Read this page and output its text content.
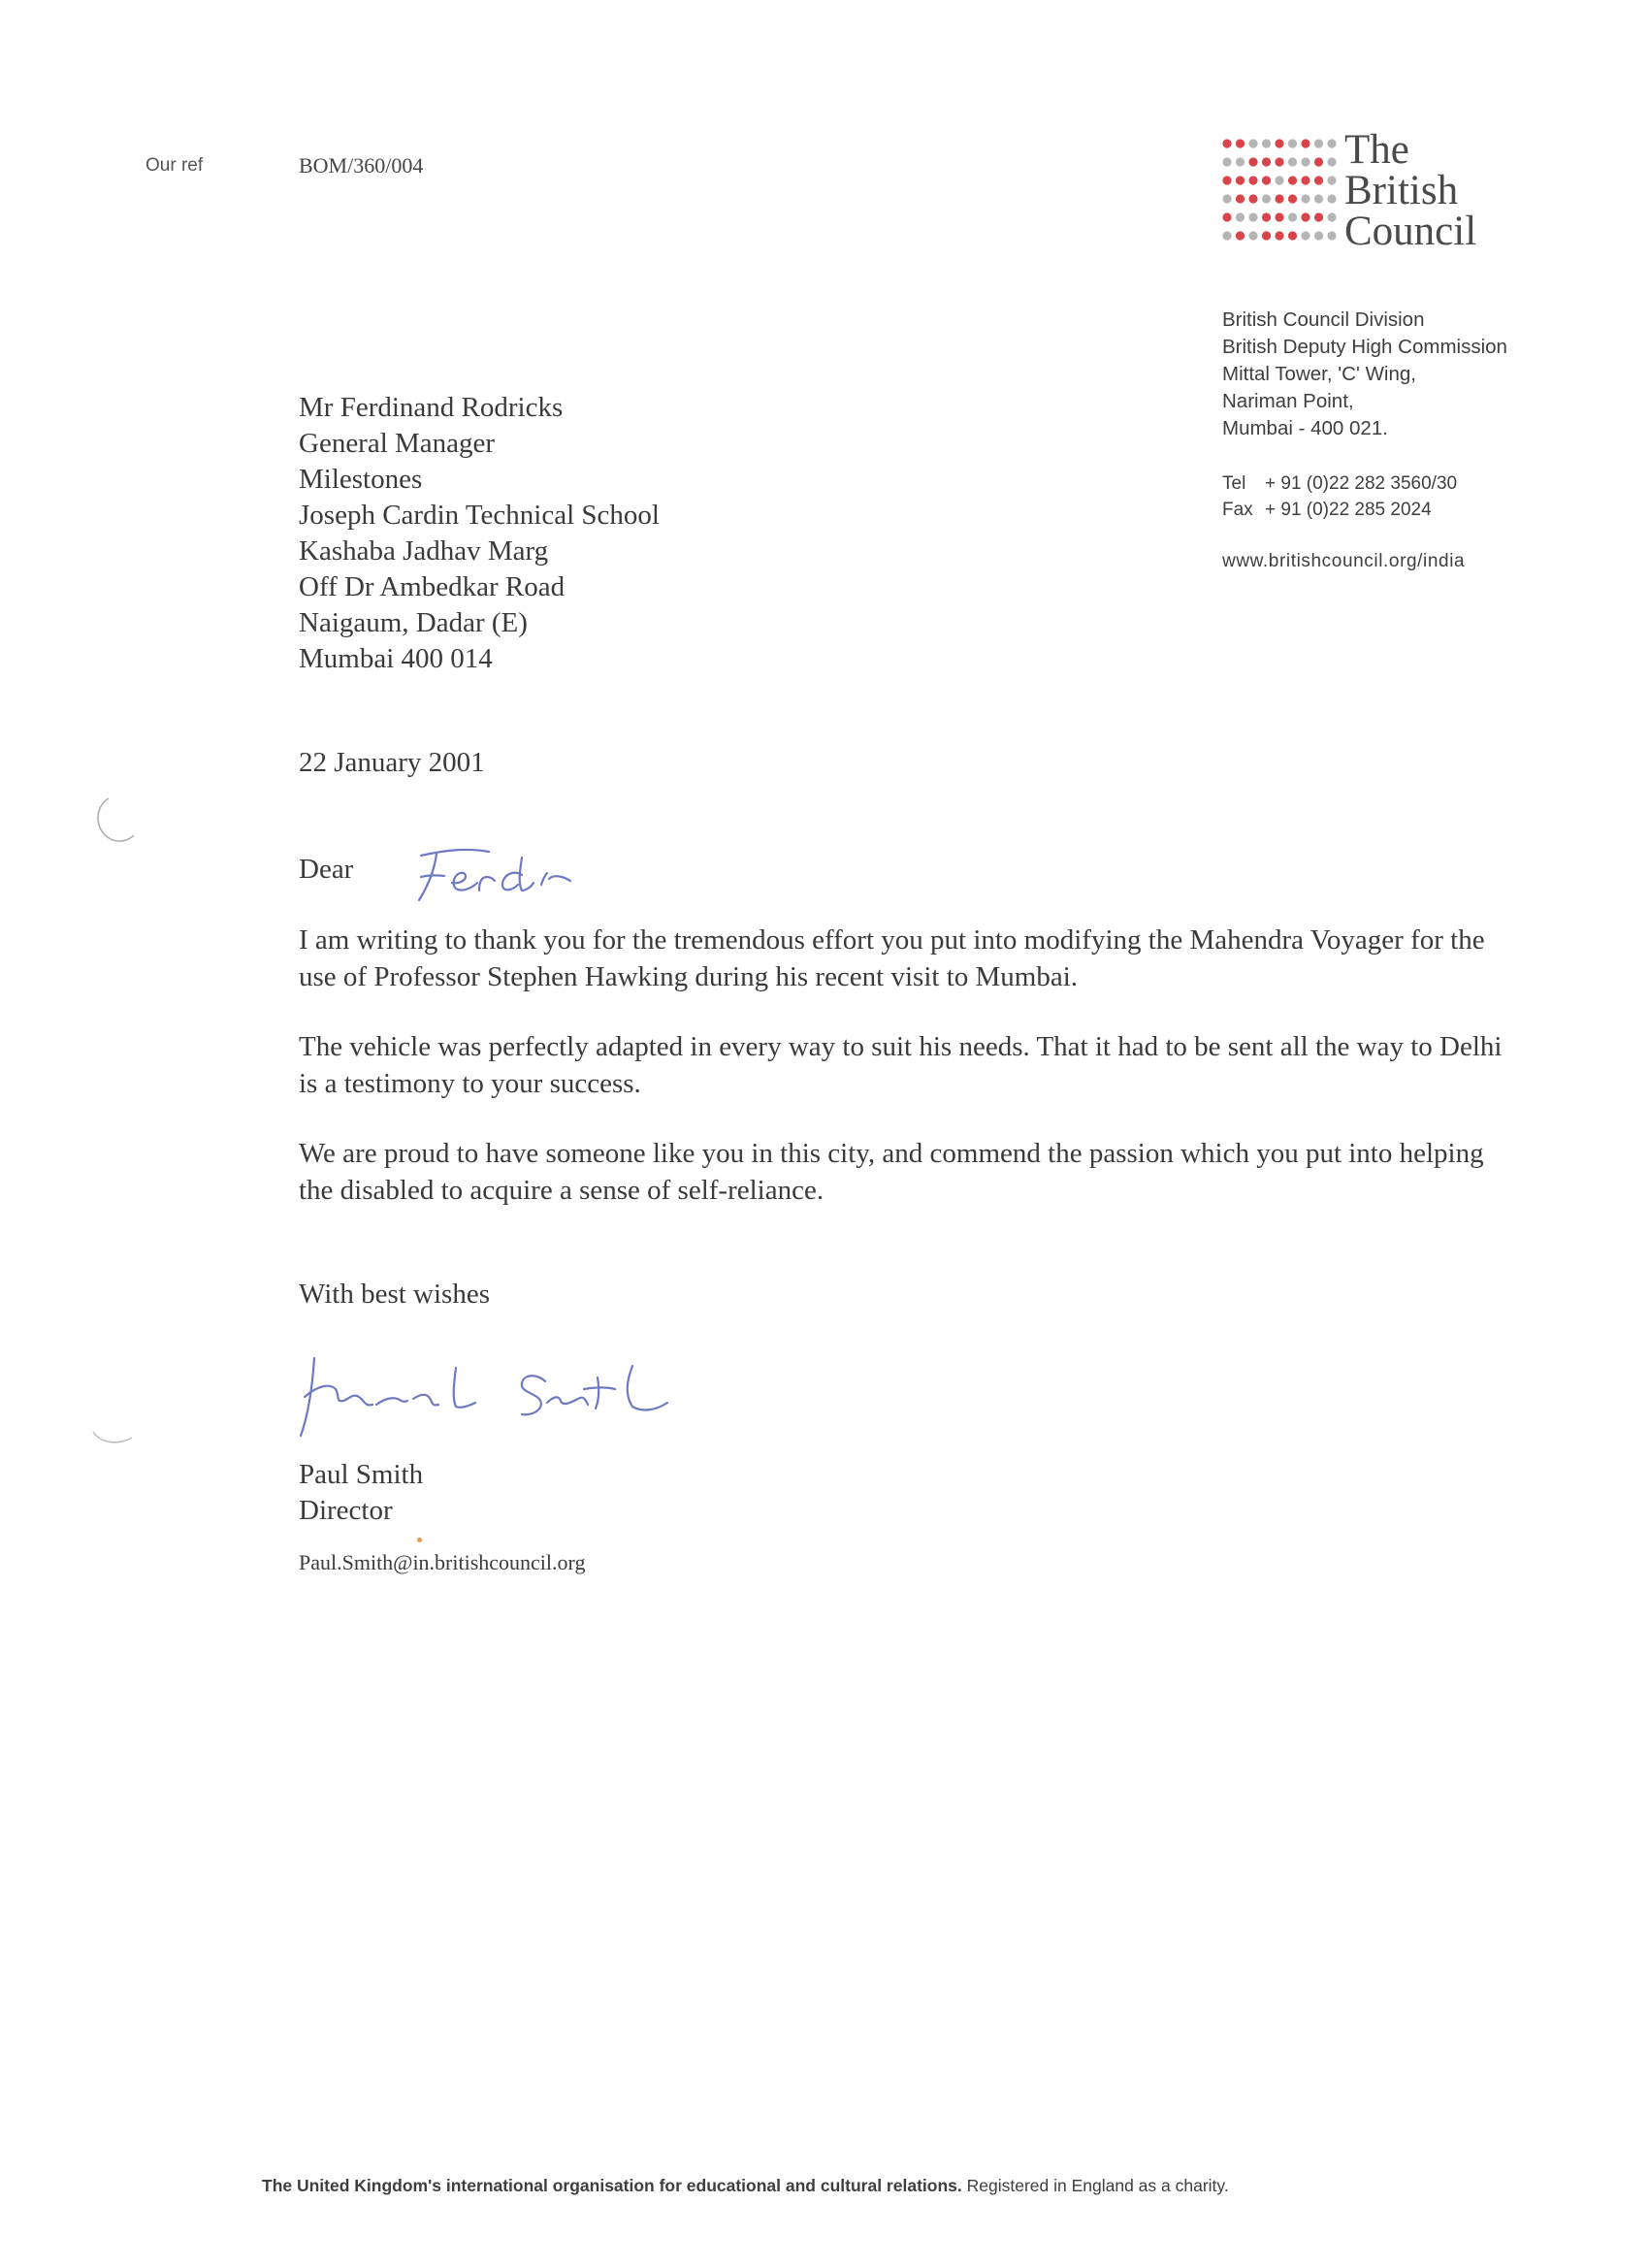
Our ref	BOM/360/004	The
British
Council
British Council Division
British Deputy High Commission
Mittal Tower, 'C' Wing,
Nariman Point,
Mumbai - 400 021.
Tel + 91 (0)22 282 3560/30
Fax + 91 (0)22 285 2024
www.britishcouncil.org/india
Mr Ferdinand Rodricks
General Manager
Milestones
Joseph Cardin Technical School
Kashaba Jadhav Marg
Off Dr Ambedkar Road
Naigaum, Dadar (E)
Mumbai 400 014
22 January 2001
Dear

I am writing to thank you for the tremendous effort you put into modifying the Mahendra Voyager for the use of Professor Stephen Hawking during his recent visit to Mumbai.

The vehicle was perfectly adapted in every way to suit his needs. That it had to be sent all the way to Delhi is a testimony to your success.

We are proud to have someone like you in this city, and commend the passion which you put into helping the disabled to acquire a sense of self-reliance.

With best wishes
Paul Smith
Director
Paul.Smith@in.britishcouncil.org
The United Kingdom's international organisation for educational and cultural relations. Registered in England as a charity.
